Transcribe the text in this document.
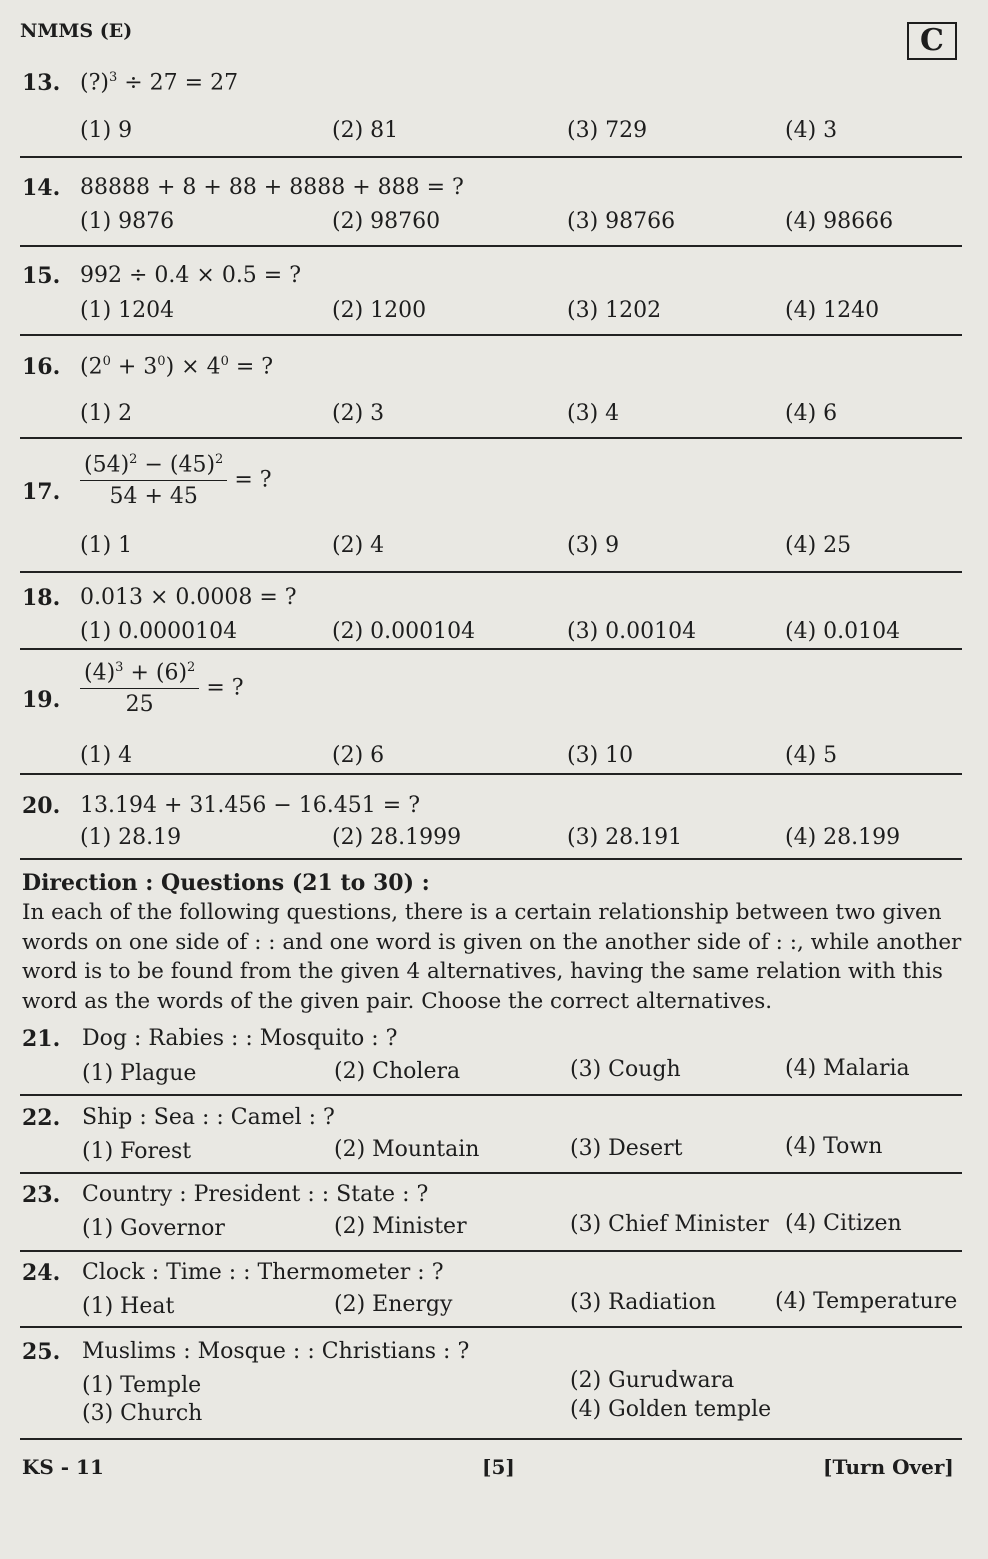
NMMS (E)	C
13. (?)$^3$ ÷ 27 = 27
(1) 9	(2) 81	(3) 729	(4) 3
14. 88888 + 8 + 88 + 8888 + 888 = ?
(1) 9876	(2) 98760	(3) 98766	(4) 98666
15. 992 ÷ 0.4 × 0.5 = ?
(1) 1204	(2) 1200	(3) 1202	(4) 1240
16. $(2^0 + 3^0) \times 4^0$ = ?
(1) 2	(2) 3	(3) 4	(4) 6
17. $\frac{(54)^2 - (45)^2}{54 + 45}$ = ?
(1) 1	(2) 4	(3) 9	(4) 25
18. 0.013 × 0.0008 = ?
(1) 0.0000104	(2) 0.000104	(3) 0.00104	(4) 0.0104
19. $\frac{(4)^3 + (6)^2}{25}$ = ?
(1) 4	(2) 6	(3) 10	(4) 5
20. 13.194 + 31.456 − 16.451 = ?
(1) 28.19	(2) 28.1999	(3) 28.191	(4) 28.199
Direction : Questions (21 to 30) :
In each of the following questions, there is a certain relationship between two given words on one side of : : and one word is given on the another side of : :, while another word is to be found from the given 4 alternatives, having the same relation with this word as the words of the given pair. Choose the correct alternatives.
21. Dog : Rabies : : Mosquito : ?
(1) Plague	(2) Cholera	(3) Cough	(4) Malaria
22. Ship : Sea : : Camel : ?
(1) Forest	(2) Mountain	(3) Desert	(4) Town
23. Country : President : : State : ?
(1) Governor	(2) Minister	(3) Chief Minister (4) Citizen
24. Clock : Time : : Thermometer : ?
(1) Heat	(2) Energy	(3) Radiation	(4) Temperature
25. Muslims : Mosque : : Christians : ?
(1) Temple	(2) Gurudwara
(3) Church	(4) Golden temple
KS - 11	[5]	[Turn Over]
